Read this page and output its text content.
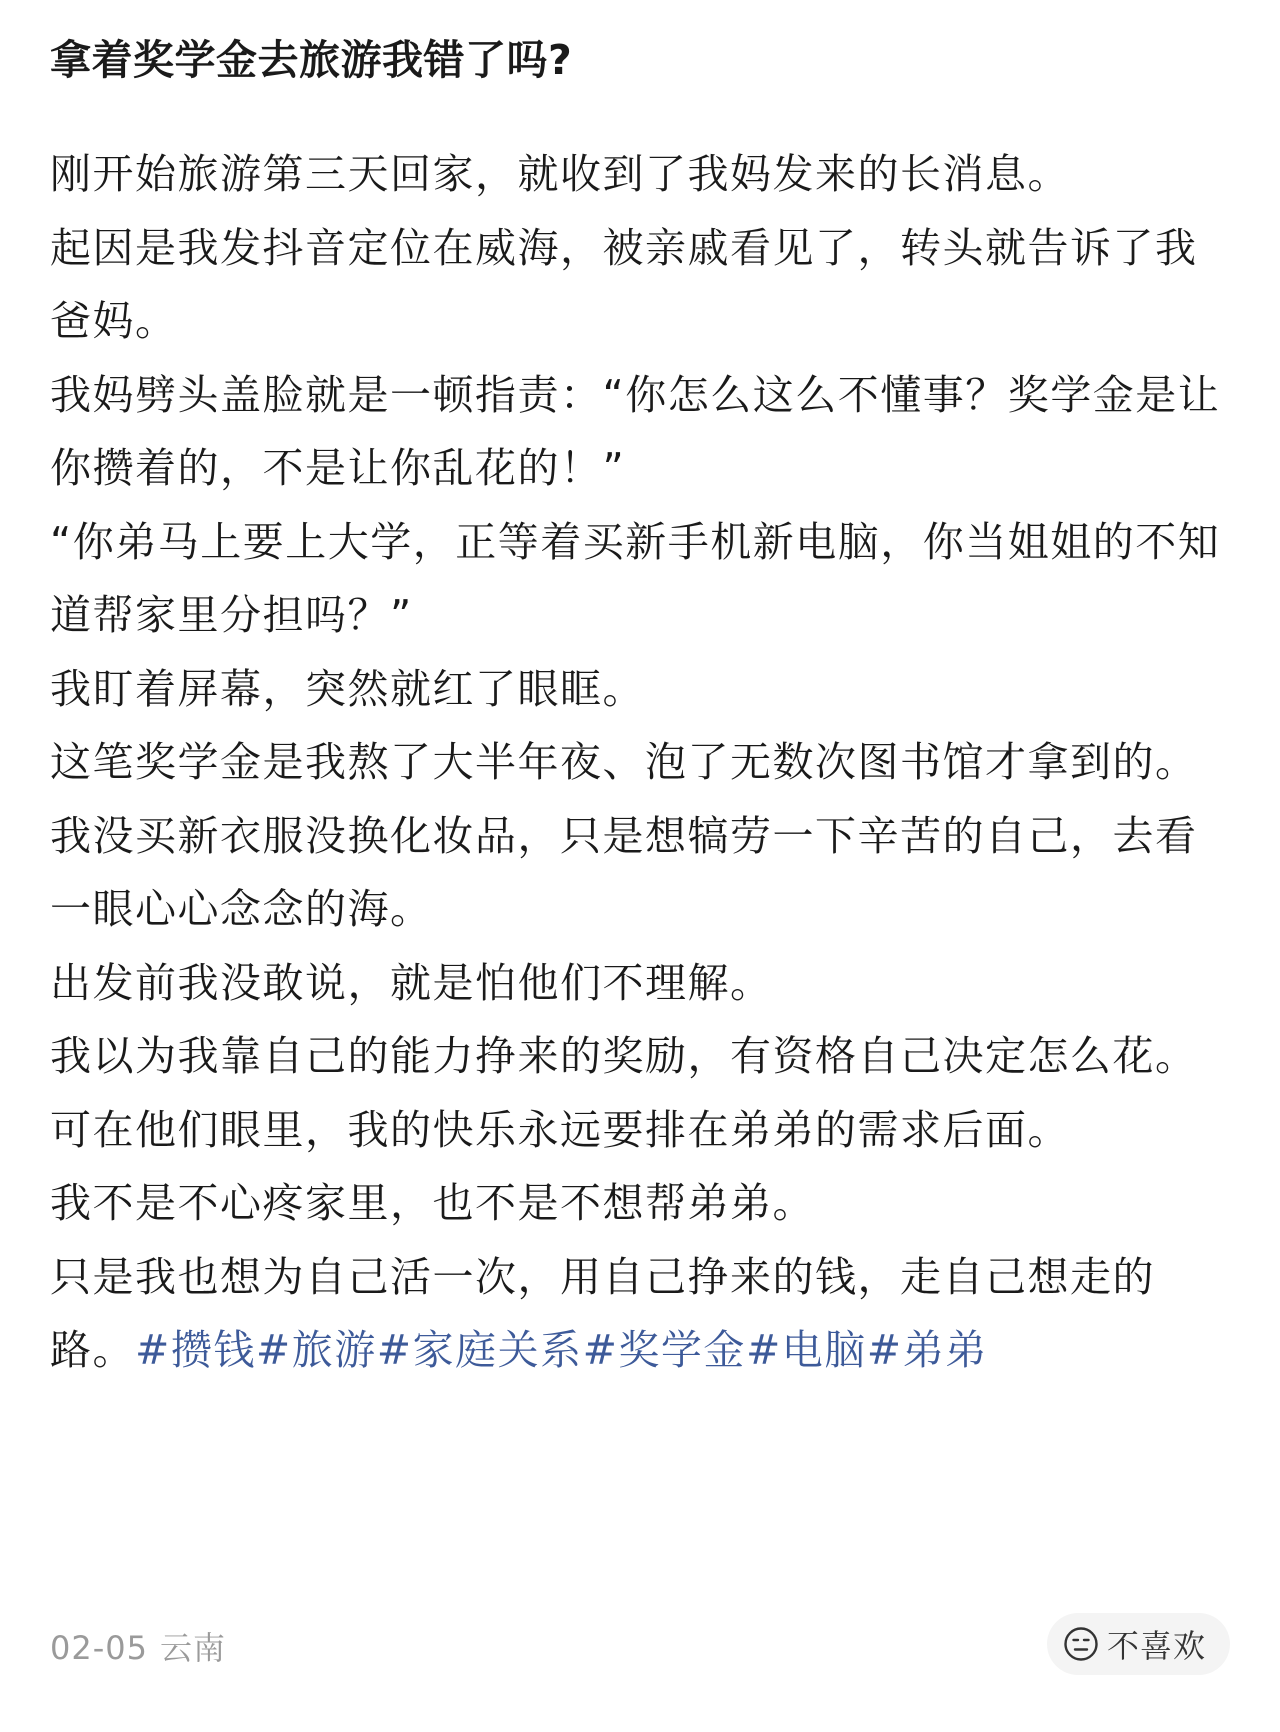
拿着奖学金去旅游我错了吗?

刚开始旅游第三天回家，就收到了我妈发来的长消息。

起因是我发抖音定位在威海，被亲戚看见了，转头就告诉了我爸妈。

我妈劈头盖脸就是一顿指责：“你怎么这么不懂事？奖学金是让你攒着的，不是让你乱花的！”

“你弟马上要上大学，正等着买新手机新电脑，你当姐姐的不知道帮家里分担吗？”

我盯着屏幕，突然就红了眼眶。

这笔奖学金是我熬了大半年夜、泡了无数次图书馆才拿到的。

我没买新衣服没换化妆品，只是想犒劳一下辛苦的自己，去看一眼心心念念的海。

出发前我没敢说，就是怕他们不理解。

我以为我靠自己的能力挣来的奖励，有资格自己决定怎么花。

可在他们眼里，我的快乐永远要排在弟弟的需求后面。

我不是不心疼家里，也不是不想帮弟弟。

只是我也想为自己活一次，用自己挣来的钱，走自己想走的路。#攒钱#旅游#家庭关系#奖学金#电脑#弟弟

02-05 云南	不喜欢
